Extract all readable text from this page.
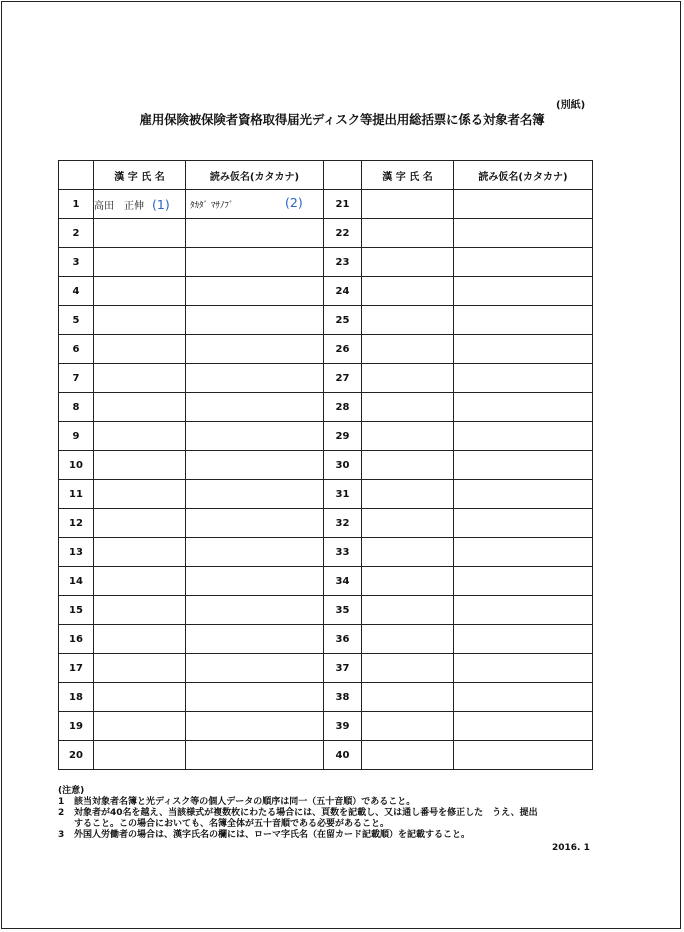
(別紙)
雇用保険被保険者資格取得届光ディスク等提出用総括票に係る対象者名簿
	漢 字 氏 名	読み仮名(カタカナ)		漢 字 氏 名	読み仮名(カタカナ)
1	高田　正伸 (1)	ﾀｶﾀﾞ ﾏｻﾉﾌﾞ (2)	21		
2			22		
3			23		
4			24		
5			25		
6			26		
7			27		
8			28		
9			29		
10			30		
11			31		
12			32		
13			33		
14			34		
15			35		
16			36		
17			37		
18			38		
19			39		
20			40		
(注意)
1	該当対象者名簿と光ディスク等の個人データの順序は同一（五十音順）であること。
2	対象者が40名を越え、当該様式が複数枚にわたる場合には、頁数を記載し、又は通し番号を修正した　うえ、提出すること。この場合においても、名簿全体が五十音順である必要があること。
3	外国人労働者の場合は、漢字氏名の欄には、ローマ字氏名（在留カード記載順）を記載すること。
2016. 1
